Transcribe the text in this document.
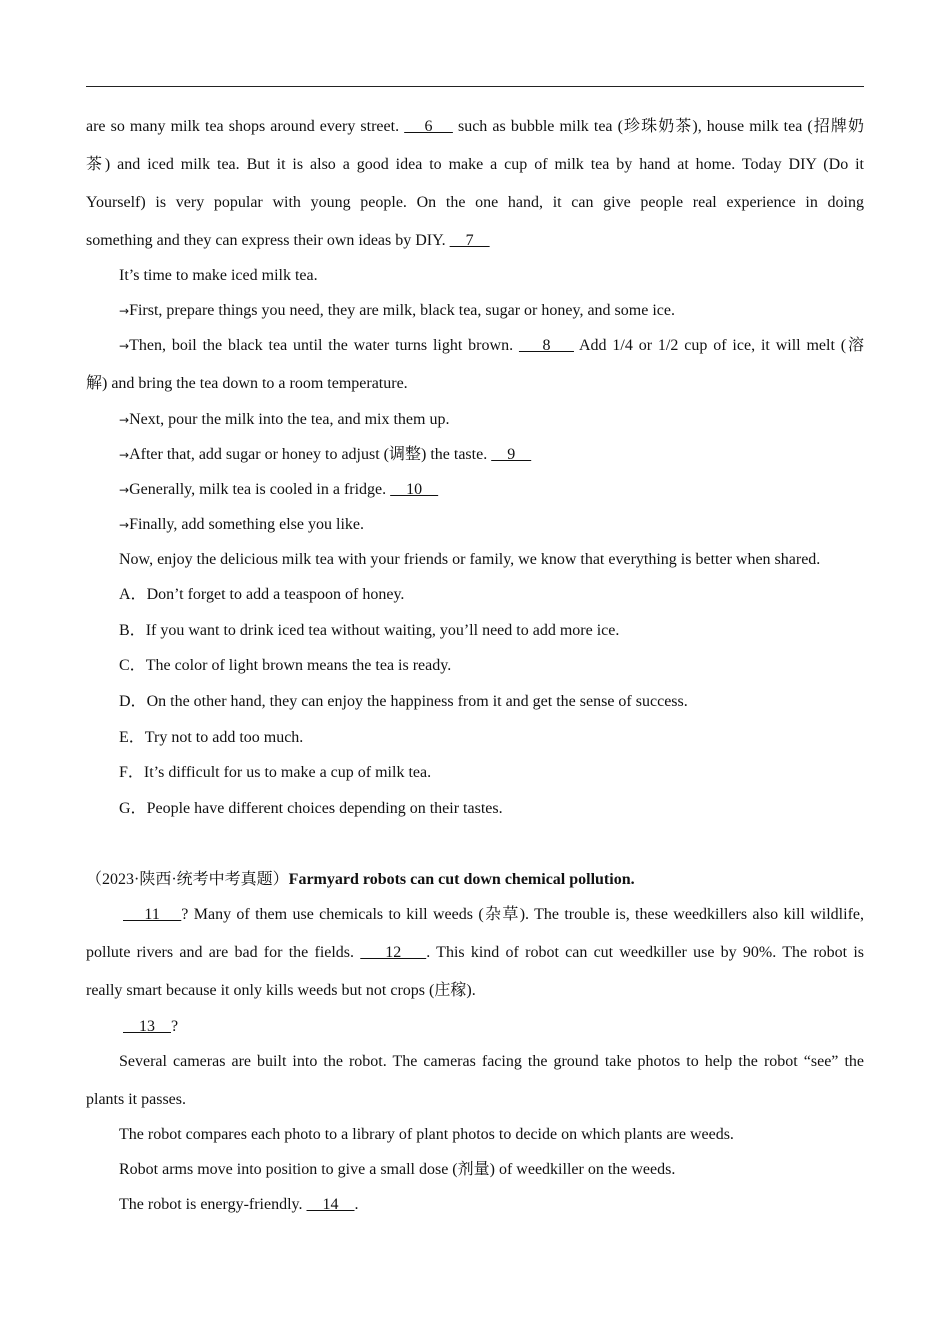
are so many milk tea shops around every street.     6     such as bubble milk tea (珍珠奶茶), house milk tea (招牌奶
茶) and iced milk tea. But it is also a good idea to make a cup of milk tea by hand at home. Today DIY (Do it
Yourself) is very popular with young people. On the one hand, it can give people real experience in doing
something and they can express their own ideas by DIY.     7
It’s time to make iced milk tea.
→First, prepare things you need, they are milk, black tea, sugar or honey, and some ice.
→Then, boil the black tea until the water turns light brown.     8     Add 1/4 or 1/2 cup of ice, it will melt (溶
解) and bring the tea down to a room temperature.
→Next, pour the milk into the tea, and mix them up.
→After that, add sugar or honey to adjust (调整) the taste.     9
→Generally, milk tea is cooled in a fridge.     10
→Finally, add something else you like.
Now, enjoy the delicious milk tea with your friends or family, we know that everything is better when shared.
A．Don’t forget to add a teaspoon of honey.
B．If you want to drink iced tea without waiting, you’ll need to add more ice.
C．The color of light brown means the tea is ready.
D．On the other hand, they can enjoy the happiness from it and get the sense of success.
E．Try not to add too much.
F．It’s difficult for us to make a cup of milk tea.
G．People have different choices depending on their tastes.
（2023·陕西·统考中考真题）Farmyard robots can cut down chemical pollution.
11    ? Many of them use chemicals to kill weeds (杂草). The trouble is, these weedkillers also kill wildlife,
pollute rivers and are bad for the fields.     12    . This kind of robot can cut weedkiller use by 90%. The robot is
really smart because it only kills weeds but not crops (庄稼).
13    ?
Several cameras are built into the robot. The cameras facing the ground take photos to help the robot “see” the
plants it passes.
The robot compares each photo to a library of plant photos to decide on which plants are weeds.
Robot arms move into position to give a small dose (剂量) of weedkiller on the weeds.
The robot is energy-friendly.     14    .
